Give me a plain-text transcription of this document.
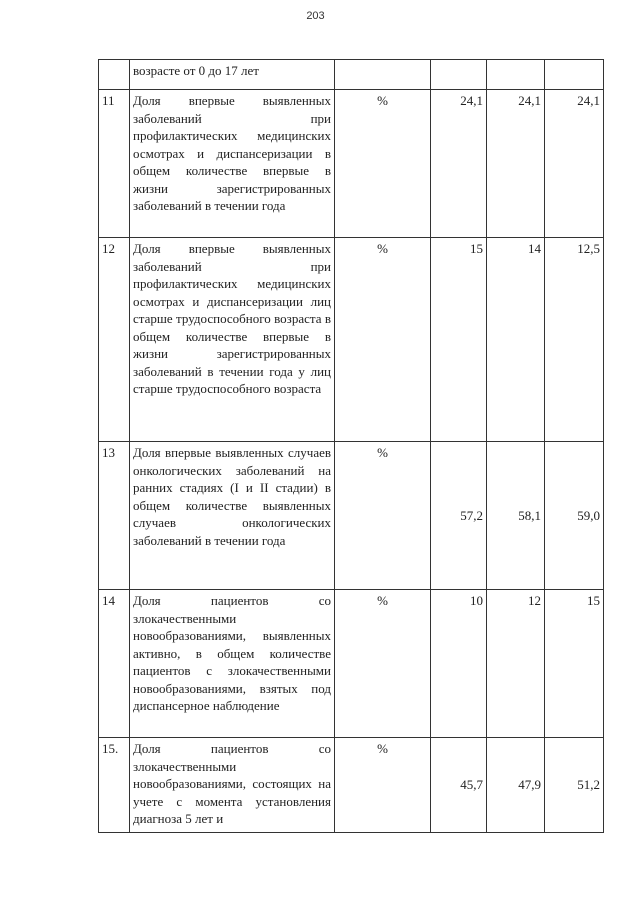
203
	возрасте от 0 до 17 лет				
11	Доля впервые выявленных заболеваний при профилактических медицинских осмотрах и диспансеризации в общем количестве впервые в жизни зарегистрированных заболеваний в течении года	%	24,1	24,1	24,1
12	Доля впервые выявленных заболеваний при профилактических медицинских осмотрах и диспансеризации лиц старше трудоспособного возраста в общем количестве впервые в жизни зарегистрированных заболеваний в течении года у лиц старше трудоспособного возраста	%	15	14	12,5
13	Доля впервые выявленных случаев онкологических заболеваний на ранних стадиях (I и II стадии) в общем количестве выявленных случаев онкологических заболеваний в течении года	%	57,2	58,1	59,0
14	Доля пациентов со злокачественными новообразованиями, выявленных активно, в общем количестве пациентов с злокачественными новообразованиями, взятых под диспансерное наблюдение	%	10	12	15
15.	Доля пациентов со злокачественными новообразованиями, состоящих на учете с момента установления диагноза 5 лет и	%	45,7	47,9	51,2
